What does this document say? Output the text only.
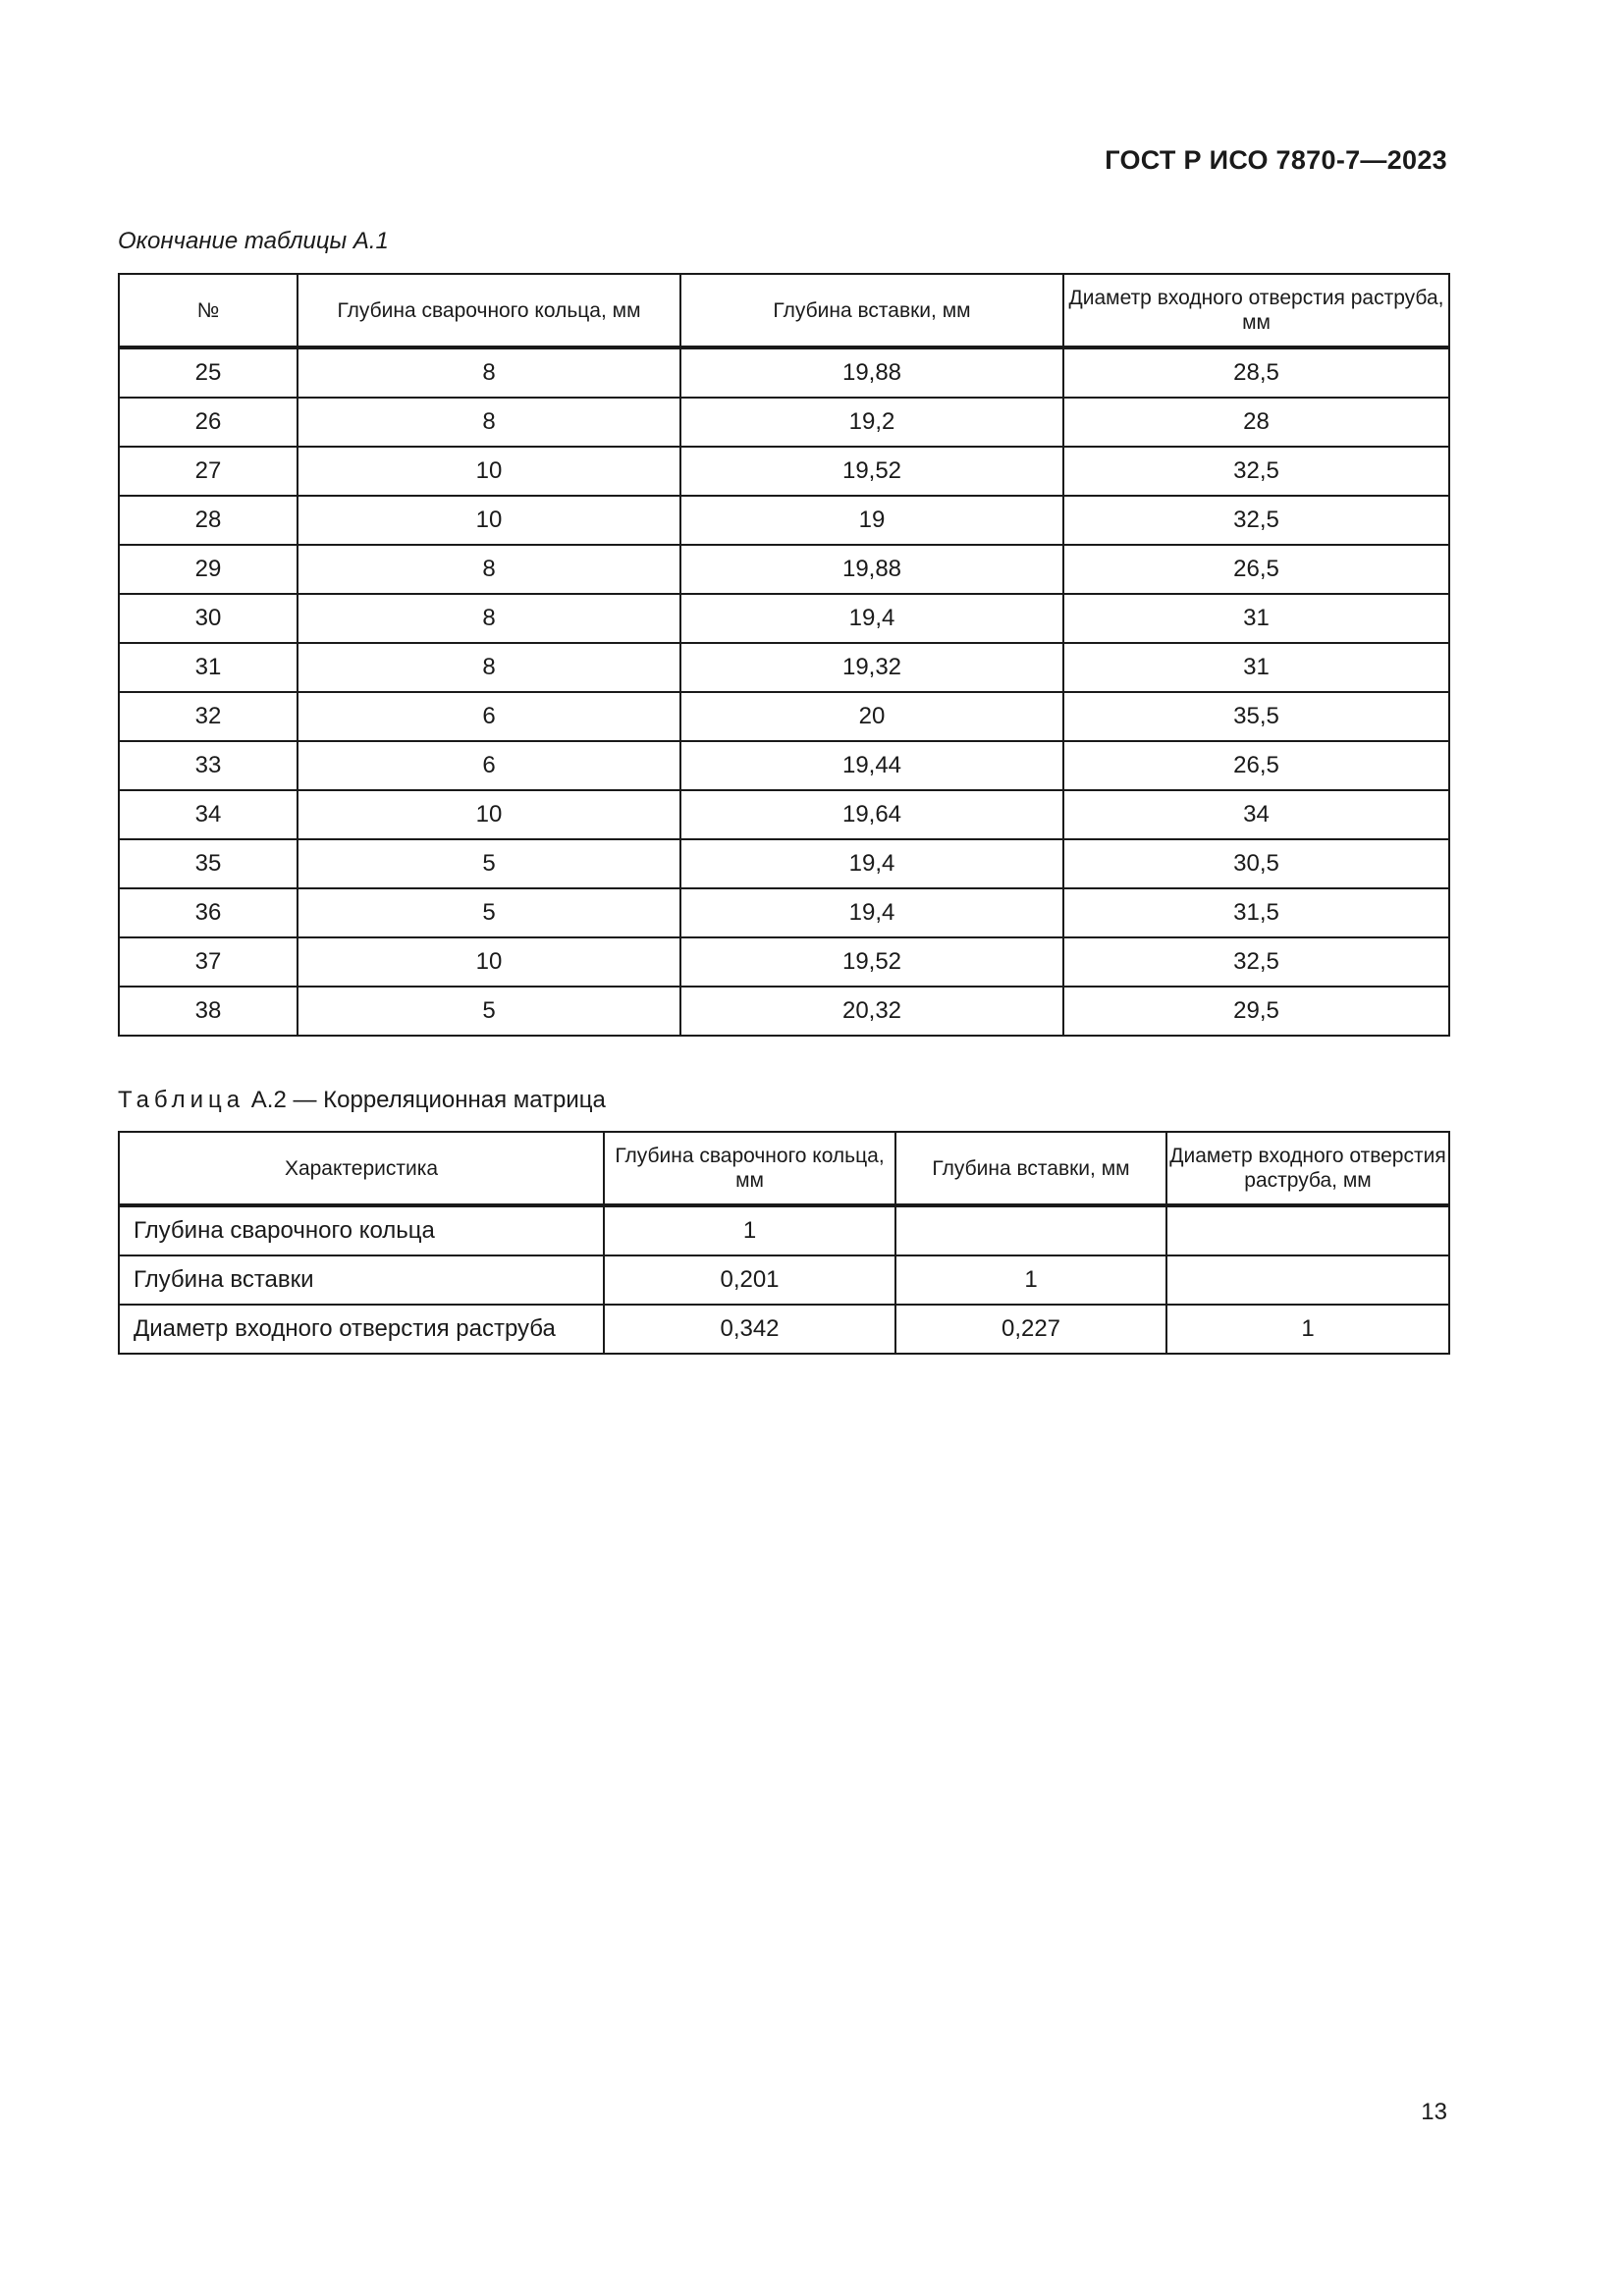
ГОСТ Р ИСО 7870-7—2023

Окончание таблицы А.1

№	Глубина сварочного кольца, мм	Глубина вставки, мм	Диаметр входного отверстия раструба, мм
25	8	19,88	28,5
26	8	19,2	28
27	10	19,52	32,5
28	10	19	32,5
29	8	19,88	26,5
30	8	19,4	31
31	8	19,32	31
32	6	20	35,5
33	6	19,44	26,5
34	10	19,64	34
35	5	19,4	30,5
36	5	19,4	31,5
37	10	19,52	32,5
38	5	20,32	29,5

Таблица А.2 — Корреляционная матрица

Характеристика	Глубина сварочного кольца, мм	Глубина вставки, мм	Диаметр входного отверстия раструба, мм
Глубина сварочного кольца	1		
Глубина вставки	0,201	1	
Диаметр входного отверстия раструба	0,342	0,227	1

13
